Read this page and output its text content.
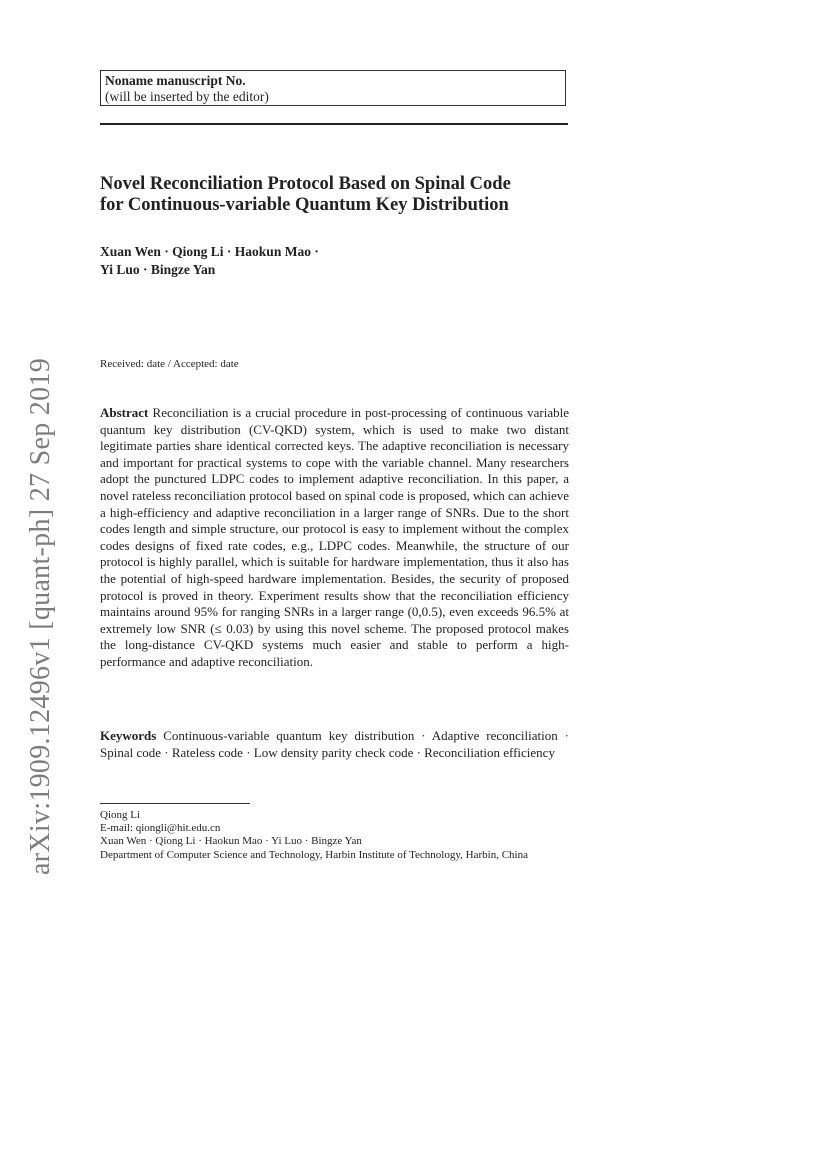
Noname manuscript No.
(will be inserted by the editor)
Novel Reconciliation Protocol Based on Spinal Code
for Continuous-variable Quantum Key Distribution
Xuan Wen · Qiong Li · Haokun Mao ·
Yi Luo · Bingze Yan
Received: date / Accepted: date
Abstract Reconciliation is a crucial procedure in post-processing of continuous variable quantum key distribution (CV-QKD) system, which is used to make two distant legitimate parties share identical corrected keys. The adaptive reconciliation is necessary and important for practical systems to cope with the variable channel. Many researchers adopt the punctured LDPC codes to implement adaptive reconciliation. In this paper, a novel rateless reconciliation protocol based on spinal code is proposed, which can achieve a high-efficiency and adaptive reconciliation in a larger range of SNRs. Due to the short codes length and simple structure, our protocol is easy to implement without the complex codes designs of fixed rate codes, e.g., LDPC codes. Meanwhile, the structure of our protocol is highly parallel, which is suitable for hardware implementation, thus it also has the potential of high-speed hardware implementation. Besides, the security of proposed protocol is proved in theory. Experiment results show that the reconciliation efficiency maintains around 95% for ranging SNRs in a larger range (0,0.5), even exceeds 96.5% at extremely low SNR (≤ 0.03) by using this novel scheme. The proposed protocol makes the long-distance CV-QKD systems much easier and stable to perform a high-performance and adaptive reconciliation.
Keywords Continuous-variable quantum key distribution · Adaptive reconciliation · Spinal code · Rateless code · Low density parity check code · Reconciliation efficiency
Qiong Li
E-mail: qiongli@hit.edu.cn
Xuan Wen · Qiong Li · Haokun Mao · Yi Luo · Bingze Yan
Department of Computer Science and Technology, Harbin Institute of Technology, Harbin, China
arXiv:1909.12496v1 [quant-ph] 27 Sep 2019
